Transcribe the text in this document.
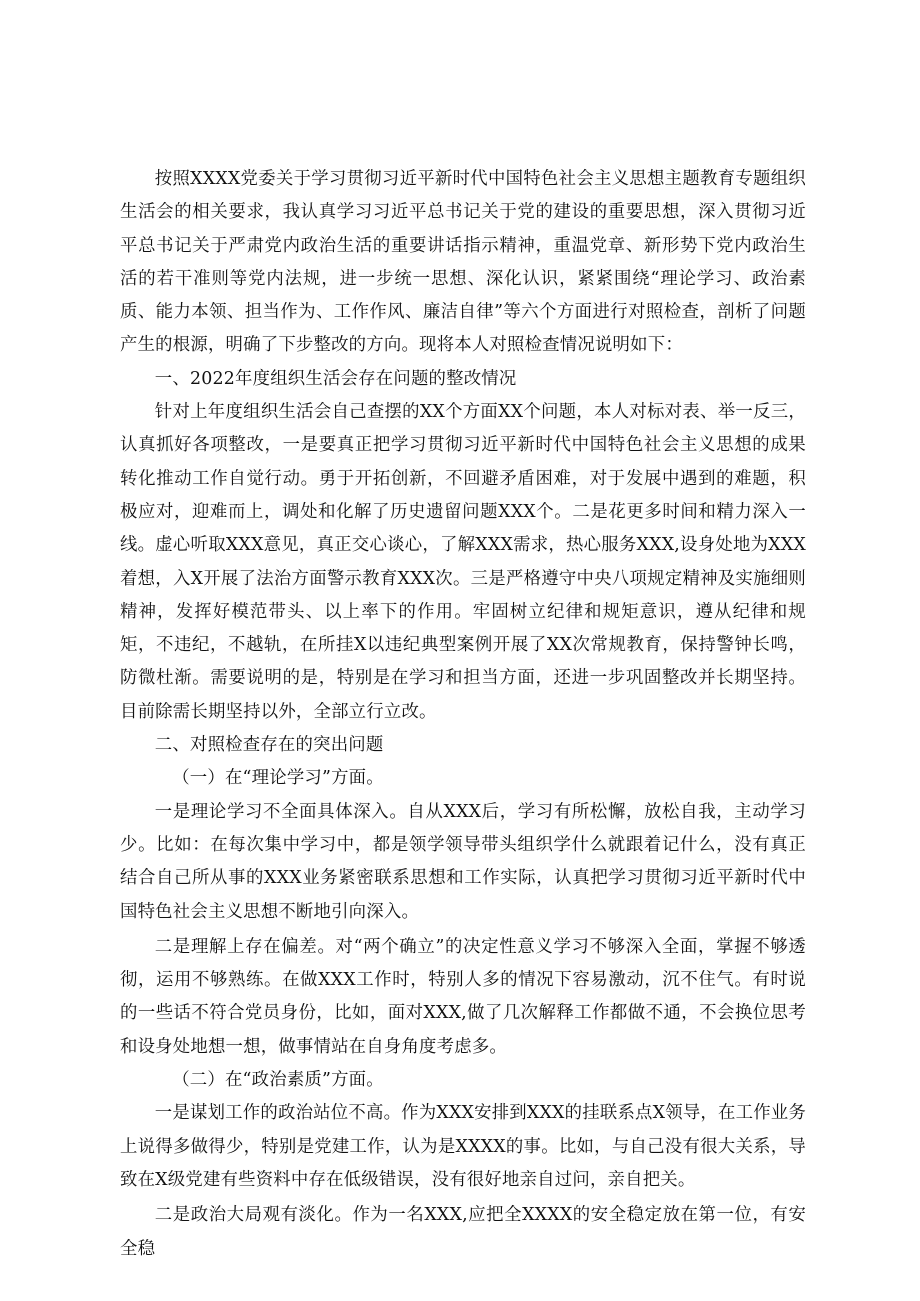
按照XXXX党委关于学习贯彻习近平新时代中国特色社会主义思想主题教育专题组织生活会的相关要求，我认真学习习近平总书记关于党的建设的重要思想，深入贯彻习近平总书记关于严肃党内政治生活的重要讲话指示精神，重温党章、新形势下党内政治生活的若干准则等党内法规，进一步统一思想、深化认识，紧紧围绕“理论学习、政治素质、能力本领、担当作为、工作作风、廉洁自律”等六个方面进行对照检查，剖析了问题产生的根源，明确了下步整改的方向。现将本人对照检查情况说明如下：

一、2022年度组织生活会存在问题的整改情况

针对上年度组织生活会自己查摆的XX个方面XX个问题，本人对标对表、举一反三，认真抓好各项整改，一是要真正把学习贯彻习近平新时代中国特色社会主义思想的成果转化推动工作自觉行动。勇于开拓创新，不回避矛盾困难，对于发展中遇到的难题，积极应对，迎难而上，调处和化解了历史遗留问题XXX个。二是花更多时间和精力深入一线。虚心听取XXX意见，真正交心谈心，了解XXX需求，热心服务XXX,设身处地为XXX着想，入X开展了法治方面警示教育XXX次。三是严格遵守中央八项规定精神及实施细则精神，发挥好模范带头、以上率下的作用。牢固树立纪律和规矩意识，遵从纪律和规矩，不违纪，不越轨，在所挂X以违纪典型案例开展了XX次常规教育，保持警钟长鸣，防微杜渐。需要说明的是，特别是在学习和担当方面，还进一步巩固整改并长期坚持。目前除需长期坚持以外，全部立行立改。

二、对照检查存在的突出问题

（一）在“理论学习”方面。

一是理论学习不全面具体深入。自从XXX后，学习有所松懈，放松自我，主动学习少。比如：在每次集中学习中，都是领学领导带头组织学什么就跟着记什么，没有真正结合自己所从事的XXX业务紧密联系思想和工作实际，认真把学习贯彻习近平新时代中国特色社会主义思想不断地引向深入。

二是理解上存在偏差。对“两个确立”的决定性意义学习不够深入全面，掌握不够透彻，运用不够熟练。在做XXX工作时，特别人多的情况下容易激动，沉不住气。有时说的一些话不符合党员身份，比如，面对XXX,做了几次解释工作都做不通，不会换位思考和设身处地想一想，做事情站在自身角度考虑多。

（二）在“政治素质”方面。

一是谋划工作的政治站位不高。作为XXX安排到XXX的挂联系点X领导，在工作业务上说得多做得少，特别是党建工作，认为是XXXX的事。比如，与自己没有很大关系，导致在X级党建有些资料中存在低级错误，没有很好地亲自过问，亲自把关。

二是政治大局观有淡化。作为一名XXX,应把全XXXX的安全稳定放在第一位，有安全稳
